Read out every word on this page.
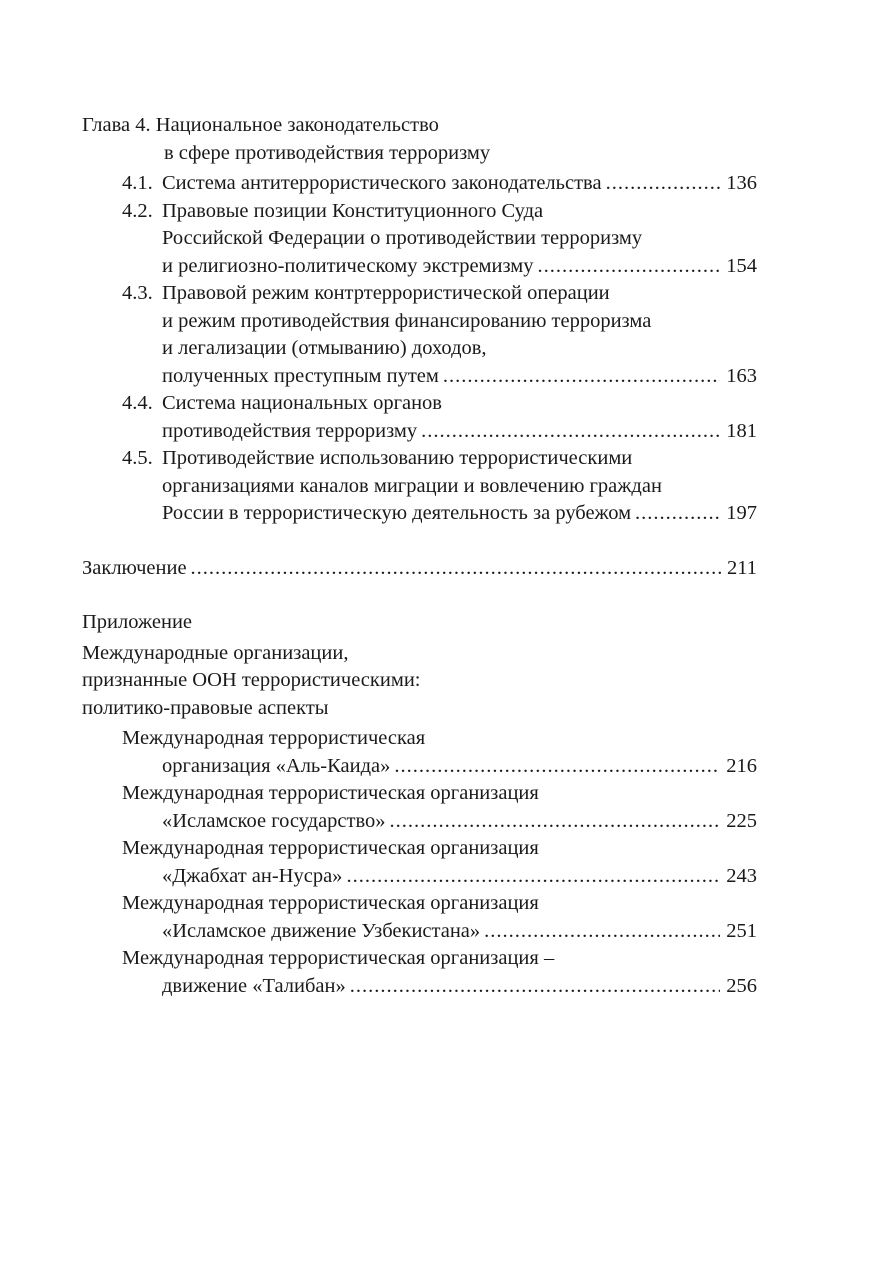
Глава 4. Национальное законодательство
в сфере противодействия терроризму
4.1. Система антитеррористического законодательства .....	136
4.2. Правовые позиции Конституционного Суда
Российской Федерации о противодействии терроризму
и религиозно-политическому экстремизму .....	154
4.3. Правовой режим контртеррористической операции
и режим противодействия финансированию терроризма
и легализации (отмыванию) доходов,
полученных преступным путем .....	163
4.4. Система национальных органов
противодействия терроризму .....	181
4.5. Противодействие использованию террористическими
организациями каналов миграции и вовлечению граждан
России в террористическую деятельность за рубежом .....	197
Заключение .....	211
Приложение
Международные организации,
признанные ООН террористическими:
политико-правовые аспекты
Международная террористическая
организация «Аль-Каида» .....	216
Международная террористическая организация
«Исламское государство» .....	225
Международная террористическая организация
«Джабхат ан-Нусра» .....	243
Международная террористическая организация
«Исламское движение Узбекистана» .....	251
Международная террористическая организация –
движение «Талибан» .....	256
